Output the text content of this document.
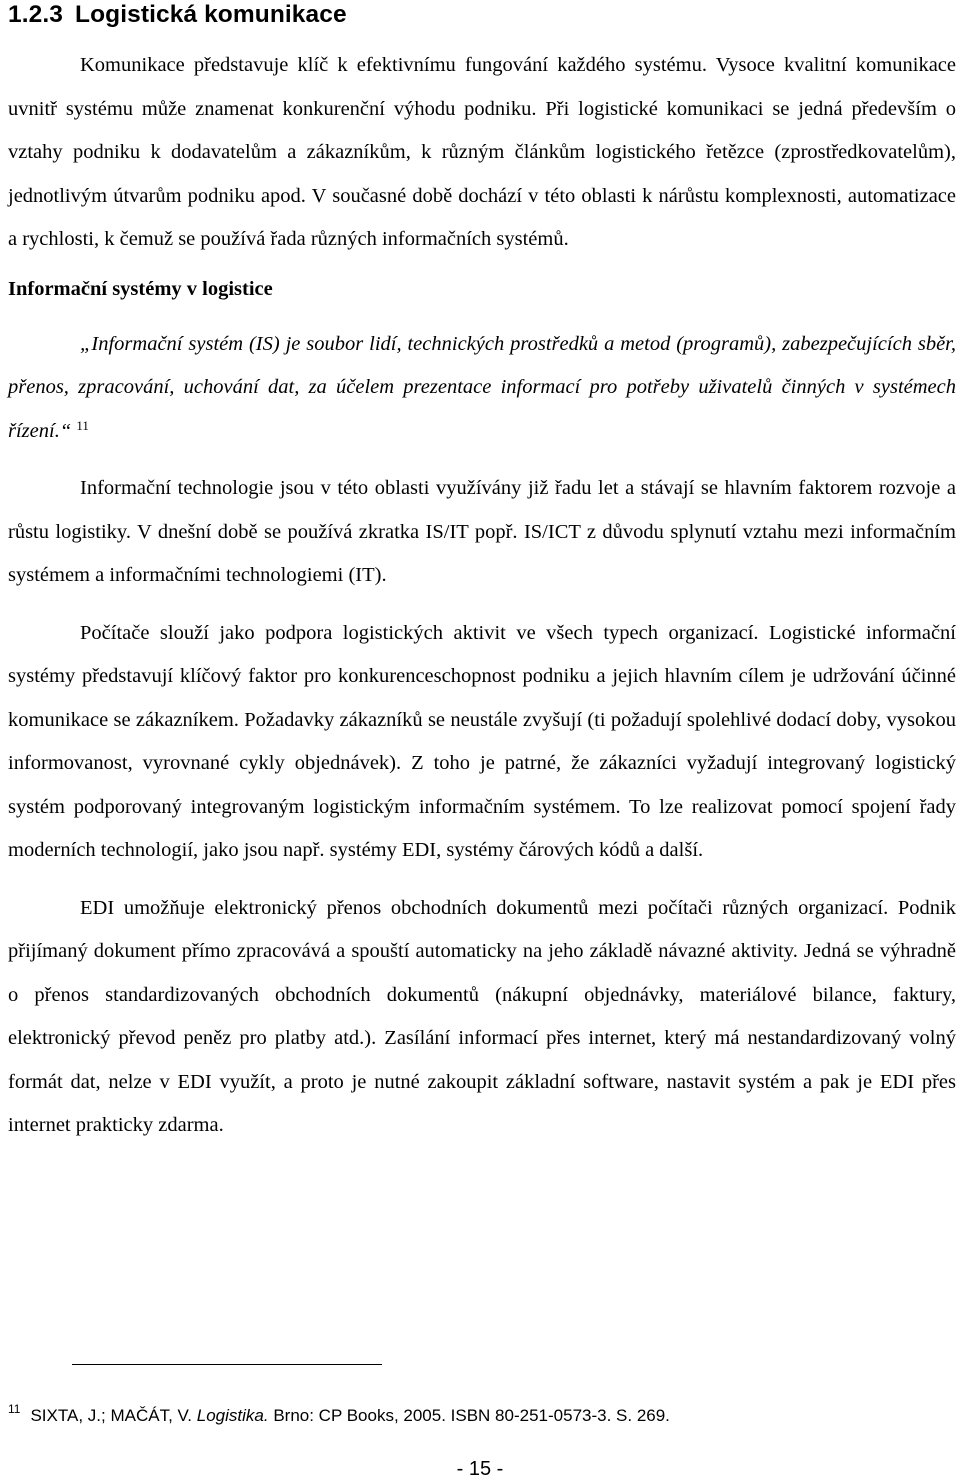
1.2.3 Logistická komunikace

Komunikace představuje klíč k efektivnímu fungování každého systému. Vysoce kvalitní komunikace uvnitř systému může znamenat konkurenční výhodu podniku. Při logistické komunikaci se jedná především o vztahy podniku k dodavatelům a zákazníkům, k různým článkům logistického řetězce (zprostředkovatelům), jednotlivým útvarům podniku apod. V současné době dochází v této oblasti k nárůstu komplexnosti, automatizace a rychlosti, k čemuž se používá řada různých informačních systémů.

Informační systémy v logistice

„Informační systém (IS) je soubor lidí, technických prostředků a metod (programů), zabezpečujících sběr, přenos, zpracování, uchování dat, za účelem prezentace informací pro potřeby uživatelů činných v systémech řízení.“ $^{11}$

Informační technologie jsou v této oblasti využívány již řadu let a stávají se hlavním faktorem rozvoje a růstu logistiky. V dnešní době se používá zkratka IS/IT popř. IS/ICT z důvodu splynutí vztahu mezi informačním systémem a informačními technologiemi (IT).

Počítače slouží jako podpora logistických aktivit ve všech typech organizací. Logistické informační systémy představují klíčový faktor pro konkurenceschopnost podniku a jejich hlavním cílem je udržování účinné komunikace se zákazníkem. Požadavky zákazníků se neustále zvyšují (ti požadují spolehlivé dodací doby, vysokou informovanost, vyrovnané cykly objednávek). Z toho je patrné, že zákazníci vyžadují integrovaný logistický systém podporovaný integrovaným logistickým informačním systémem. To lze realizovat pomocí spojení řady moderních technologií, jako jsou např. systémy EDI, systémy čárových kódů a další.

EDI umožňuje elektronický přenos obchodních dokumentů mezi počítači různých organizací. Podnik přijímaný dokument přímo zpracovává a spouští automaticky na jeho základě návazné aktivity. Jedná se výhradně o přenos standardizovaných obchodních dokumentů (nákupní objednávky, materiálové bilance, faktury, elektronický převod peněz pro platby atd.). Zasílání informací přes internet, který má nestandardizovaný volný formát dat, nelze v EDI využít, a proto je nutné zakoupit základní software, nastavit systém a pak je EDI přes internet prakticky zdarma.

$^{11}$ SIXTA, J.; MAČÁT, V. Logistika. Brno: CP Books, 2005. ISBN 80-251-0573-3. S. 269.
- 15 -
